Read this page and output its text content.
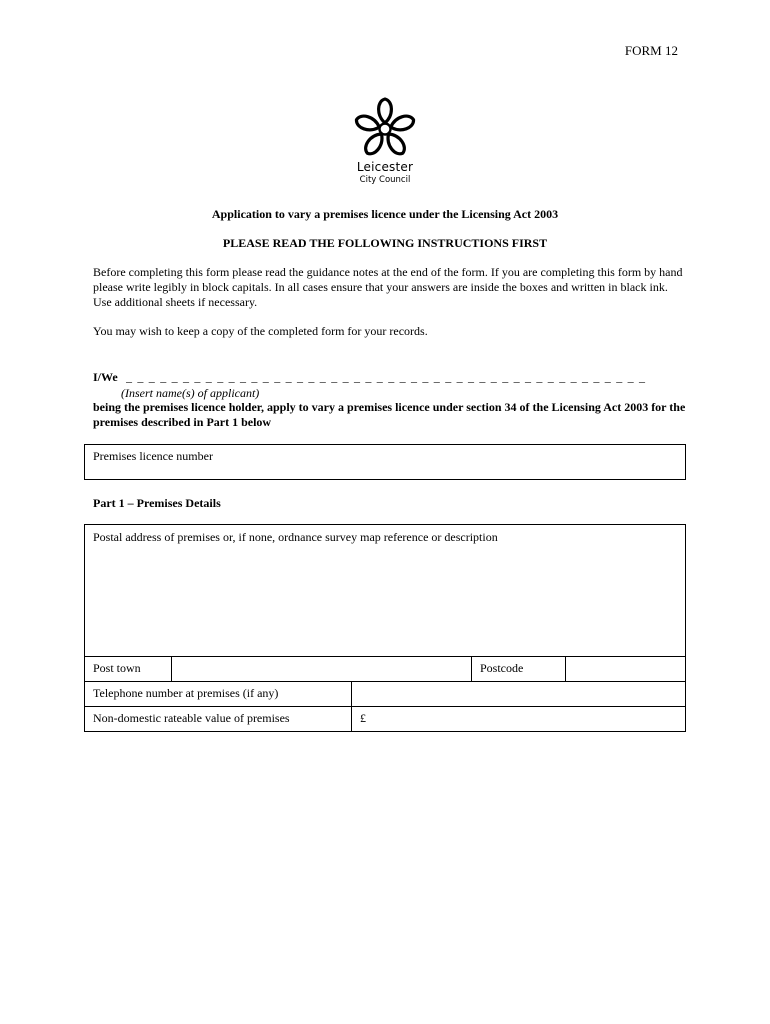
FORM 12
Leicester
City Council
Application to vary a premises licence under the Licensing Act 2003
PLEASE READ THE FOLLOWING INSTRUCTIONS FIRST
Before completing this form please read the guidance notes at the end of the form. If you are completing this form by hand please write legibly in block capitals. In all cases ensure that your answers are inside the boxes and written in black ink. Use additional sheets if necessary.
You may wish to keep a copy of the completed form for your records.
I/We _ _ _ _ _ _ _ _ _ _ _ _ _ _ _ _ _ _ _ _ _ _ _ _ _ _ _ _ _ _ _ _ _ _ _ _ _ _ _ _ _ _ _ _ _ _
(Insert name(s) of applicant)
being the premises licence holder, apply to vary a premises licence under section 34 of the Licensing Act 2003 for the premises described in Part 1 below
Premises licence number
Part 1 – Premises Details
Postal address of premises or, if none, ordnance survey map reference or description
Post town	Postcode
Telephone number at premises (if any)
Non-domestic rateable value of premises	£
